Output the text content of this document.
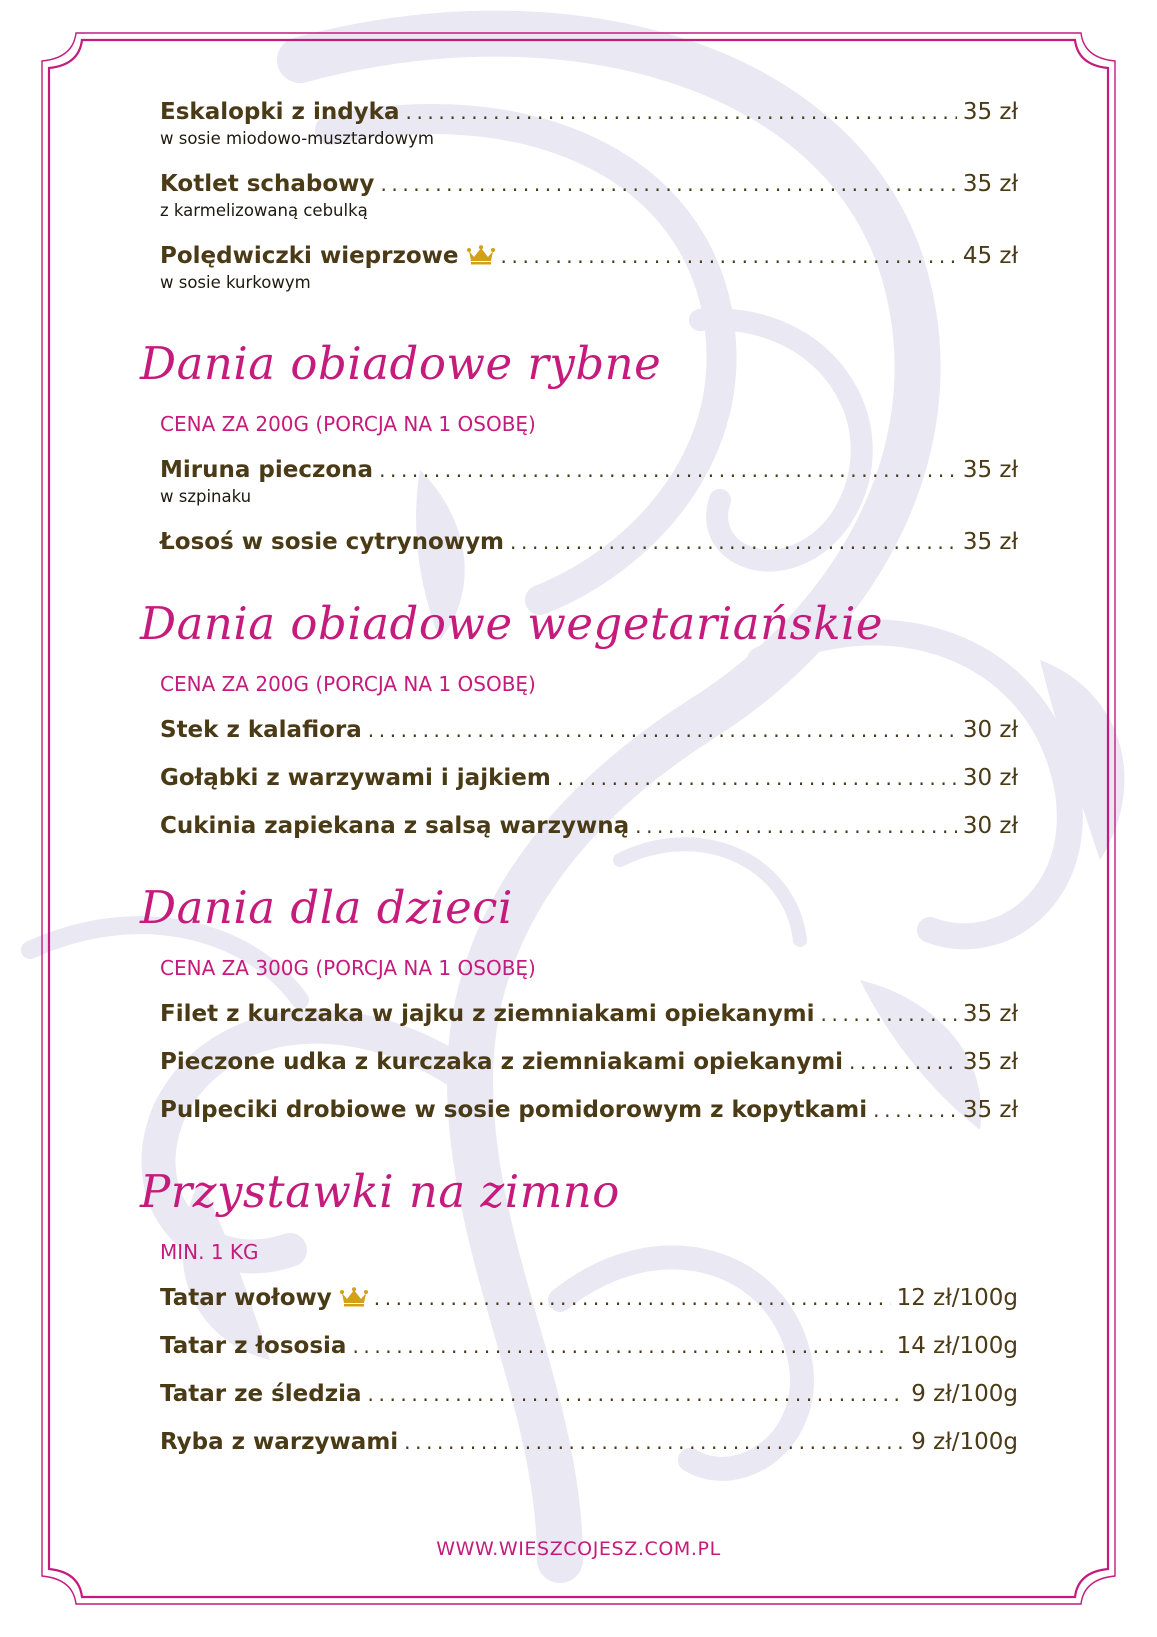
Eskalopki z indyka .....	35 zł
w sosie miodowo-musztardowym
Kotlet schabowy .....	35 zł
z karmelizowaną cebulką
Polędwiczki wieprzowe .....	45 zł
w sosie kurkowym
Dania obiadowe rybne
CENA ZA 200G (PORCJA NA 1 OSOBĘ)
Miruna pieczona .....	35 zł
w szpinaku
Łosoś w sosie cytrynowym .....	35 zł
Dania obiadowe wegetariańskie
CENA ZA 200G (PORCJA NA 1 OSOBĘ)
Stek z kalafiora .....	30 zł
Gołąbki z warzywami i jajkiem .....	30 zł
Cukinia zapiekana z salsą warzywną .....	30 zł
Dania dla dzieci
CENA ZA 300G (PORCJA NA 1 OSOBĘ)
Filet z kurczaka w jajku z ziemniakami opiekanymi .....	35 zł
Pieczone udka z kurczaka z ziemniakami opiekanymi .....	35 zł
Pulpeciki drobiowe w sosie pomidorowym z kopytkami .....	35 zł
Przystawki na zimno
MIN. 1 KG
Tatar wołowy .....	12 zł/100g
Tatar z łososia .....	14 zł/100g
Tatar ze śledzia .....	9 zł/100g
Ryba z warzywami .....	9 zł/100g
WWW.WIESZCOJESZ.COM.PL
